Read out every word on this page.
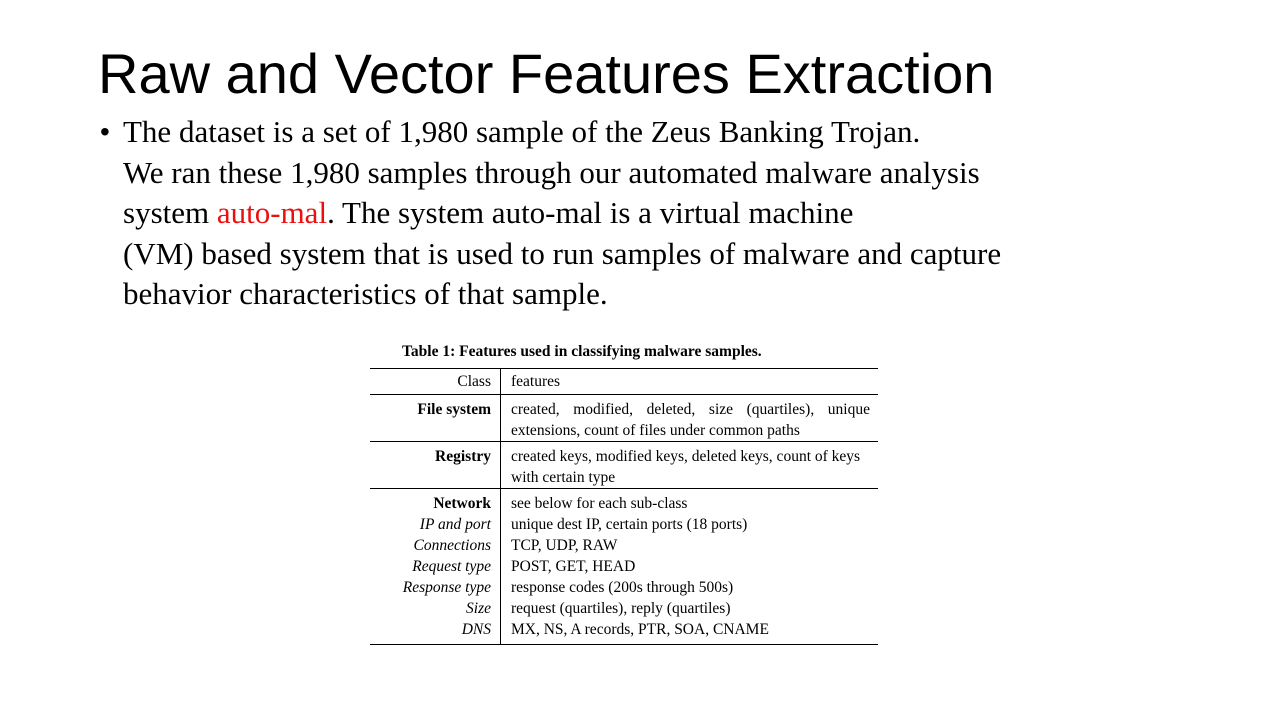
Raw and Vector Features Extraction
• The dataset is a set of 1,980 sample of the Zeus Banking Trojan.
We ran these 1,980 samples through our automated malware analysis
system auto-mal. The system auto-mal is a virtual machine
(VM) based system that is used to run samples of malware and capture
behavior characteristics of that sample.
Table 1: Features used in classifying malware samples.
Class	features
File system	created, modified, deleted, size (quartiles), unique extensions, count of files under common paths
Registry	created keys, modified keys, deleted keys, count of keys with certain type
Network	see below for each sub-class
IP and port	unique dest IP, certain ports (18 ports)
Connections	TCP, UDP, RAW
Request type	POST, GET, HEAD
Response type	response codes (200s through 500s)
Size	request (quartiles), reply (quartiles)
DNS	MX, NS, A records, PTR, SOA, CNAME
